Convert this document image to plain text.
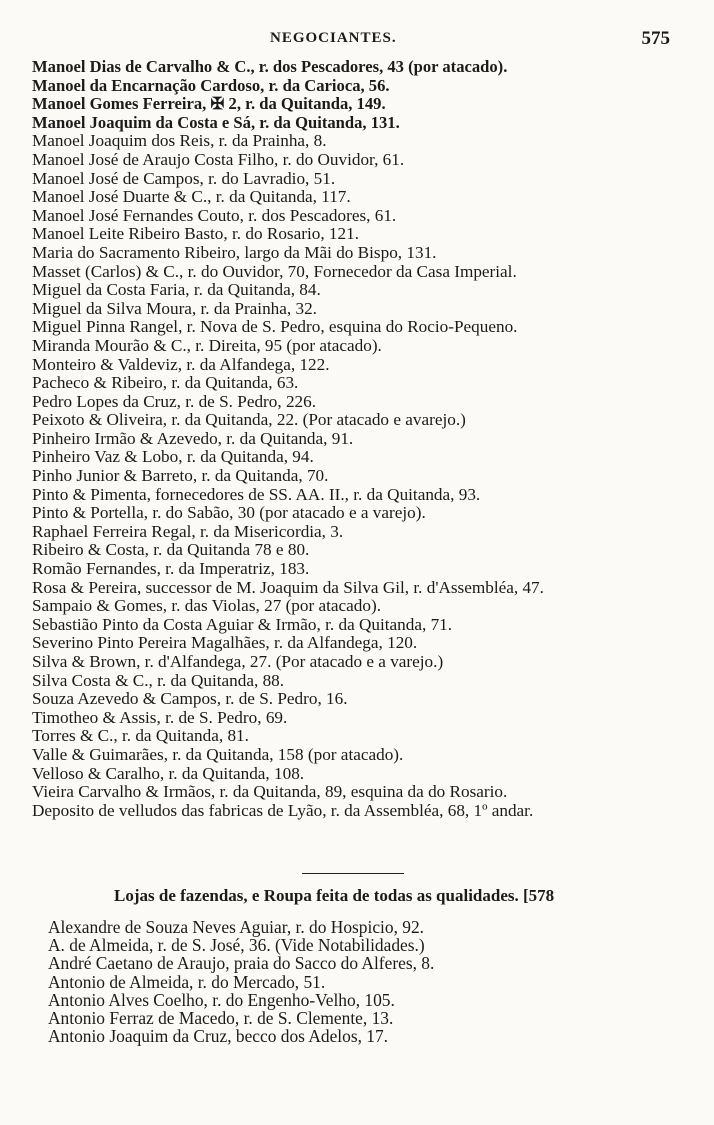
NEGOCIANTES.	575
Manoel Dias de Carvalho & C., r. dos Pescadores, 43 (por atacado).
Manoel da Encarnação Cardoso, r. da Carioca, 56.
Manoel Gomes Ferreira, ✠ 2, r. da Quitanda, 149.
Manoel Joaquim da Costa e Sá, r. da Quitanda, 131.
Manoel Joaquim dos Reis, r. da Prainha, 8.
Manoel José de Araujo Costa Filho, r. do Ouvidor, 61.
Manoel José de Campos, r. do Lavradio, 51.
Manoel José Duarte & C., r. da Quitanda, 117.
Manoel José Fernandes Couto, r. dos Pescadores, 61.
Manoel Leite Ribeiro Basto, r. do Rosario, 121.
Maria do Sacramento Ribeiro, largo da Mãi do Bispo, 131.
Masset (Carlos) & C., r. do Ouvidor, 70, Fornecedor da Casa Imperial.
Miguel da Costa Faria, r. da Quitanda, 84.
Miguel da Silva Moura, r. da Prainha, 32.
Miguel Pinna Rangel, r. Nova de S. Pedro, esquina do Rocio-Pequeno.
Miranda Mourão & C., r. Direita, 95 (por atacado).
Monteiro & Valdeviz, r. da Alfandega, 122.
Pacheco & Ribeiro, r. da Quitanda, 63.
Pedro Lopes da Cruz, r. de S. Pedro, 226.
Peixoto & Oliveira, r. da Quitanda, 22. (Por atacado e avarejo.)
Pinheiro Irmão & Azevedo, r. da Quitanda, 91.
Pinheiro Vaz & Lobo, r. da Quitanda, 94.
Pinho Junior & Barreto, r. da Quitanda, 70.
Pinto & Pimenta, fornecedores de SS. AA. II., r. da Quitanda, 93.
Pinto & Portella, r. do Sabão, 30 (por atacado e a varejo).
Raphael Ferreira Regal, r. da Misericordia, 3.
Ribeiro & Costa, r. da Quitanda 78 e 80.
Romão Fernandes, r. da Imperatriz, 183.
Rosa & Pereira, successor de M. Joaquim da Silva Gil, r. d'Assembléa, 47.
Sampaio & Gomes, r. das Violas, 27 (por atacado).
Sebastião Pinto da Costa Aguiar & Irmão, r. da Quitanda, 71.
Severino Pinto Pereira Magalhães, r. da Alfandega, 120.
Silva & Brown, r. d'Alfandega, 27. (Por atacado e a varejo.)
Silva Costa & C., r. da Quitanda, 88.
Souza Azevedo & Campos, r. de S. Pedro, 16.
Timotheo & Assis, r. de S. Pedro, 69.
Torres & C., r. da Quitanda, 81.
Valle & Guimarães, r. da Quitanda, 158 (por atacado).
Velloso & Caralho, r. da Quitanda, 108.
Vieira Carvalho & Irmãos, r. da Quitanda, 89, esquina da do Rosario.
Deposito de velludos das fabricas de Lyão, r. da Assembléa, 68, 1º andar.
Lojas de fazendas, e Roupa feita de todas as qualidades. [578
Alexandre de Souza Neves Aguiar, r. do Hospicio, 92.
A. de Almeida, r. de S. José, 36. (Vide Notabilidades.)
André Caetano de Araujo, praia do Sacco do Alferes, 8.
Antonio de Almeida, r. do Mercado, 51.
Antonio Alves Coelho, r. do Engenho-Velho, 105.
Antonio Ferraz de Macedo, r. de S. Clemente, 13.
Antonio Joaquim da Cruz, becco dos Adelos, 17.
